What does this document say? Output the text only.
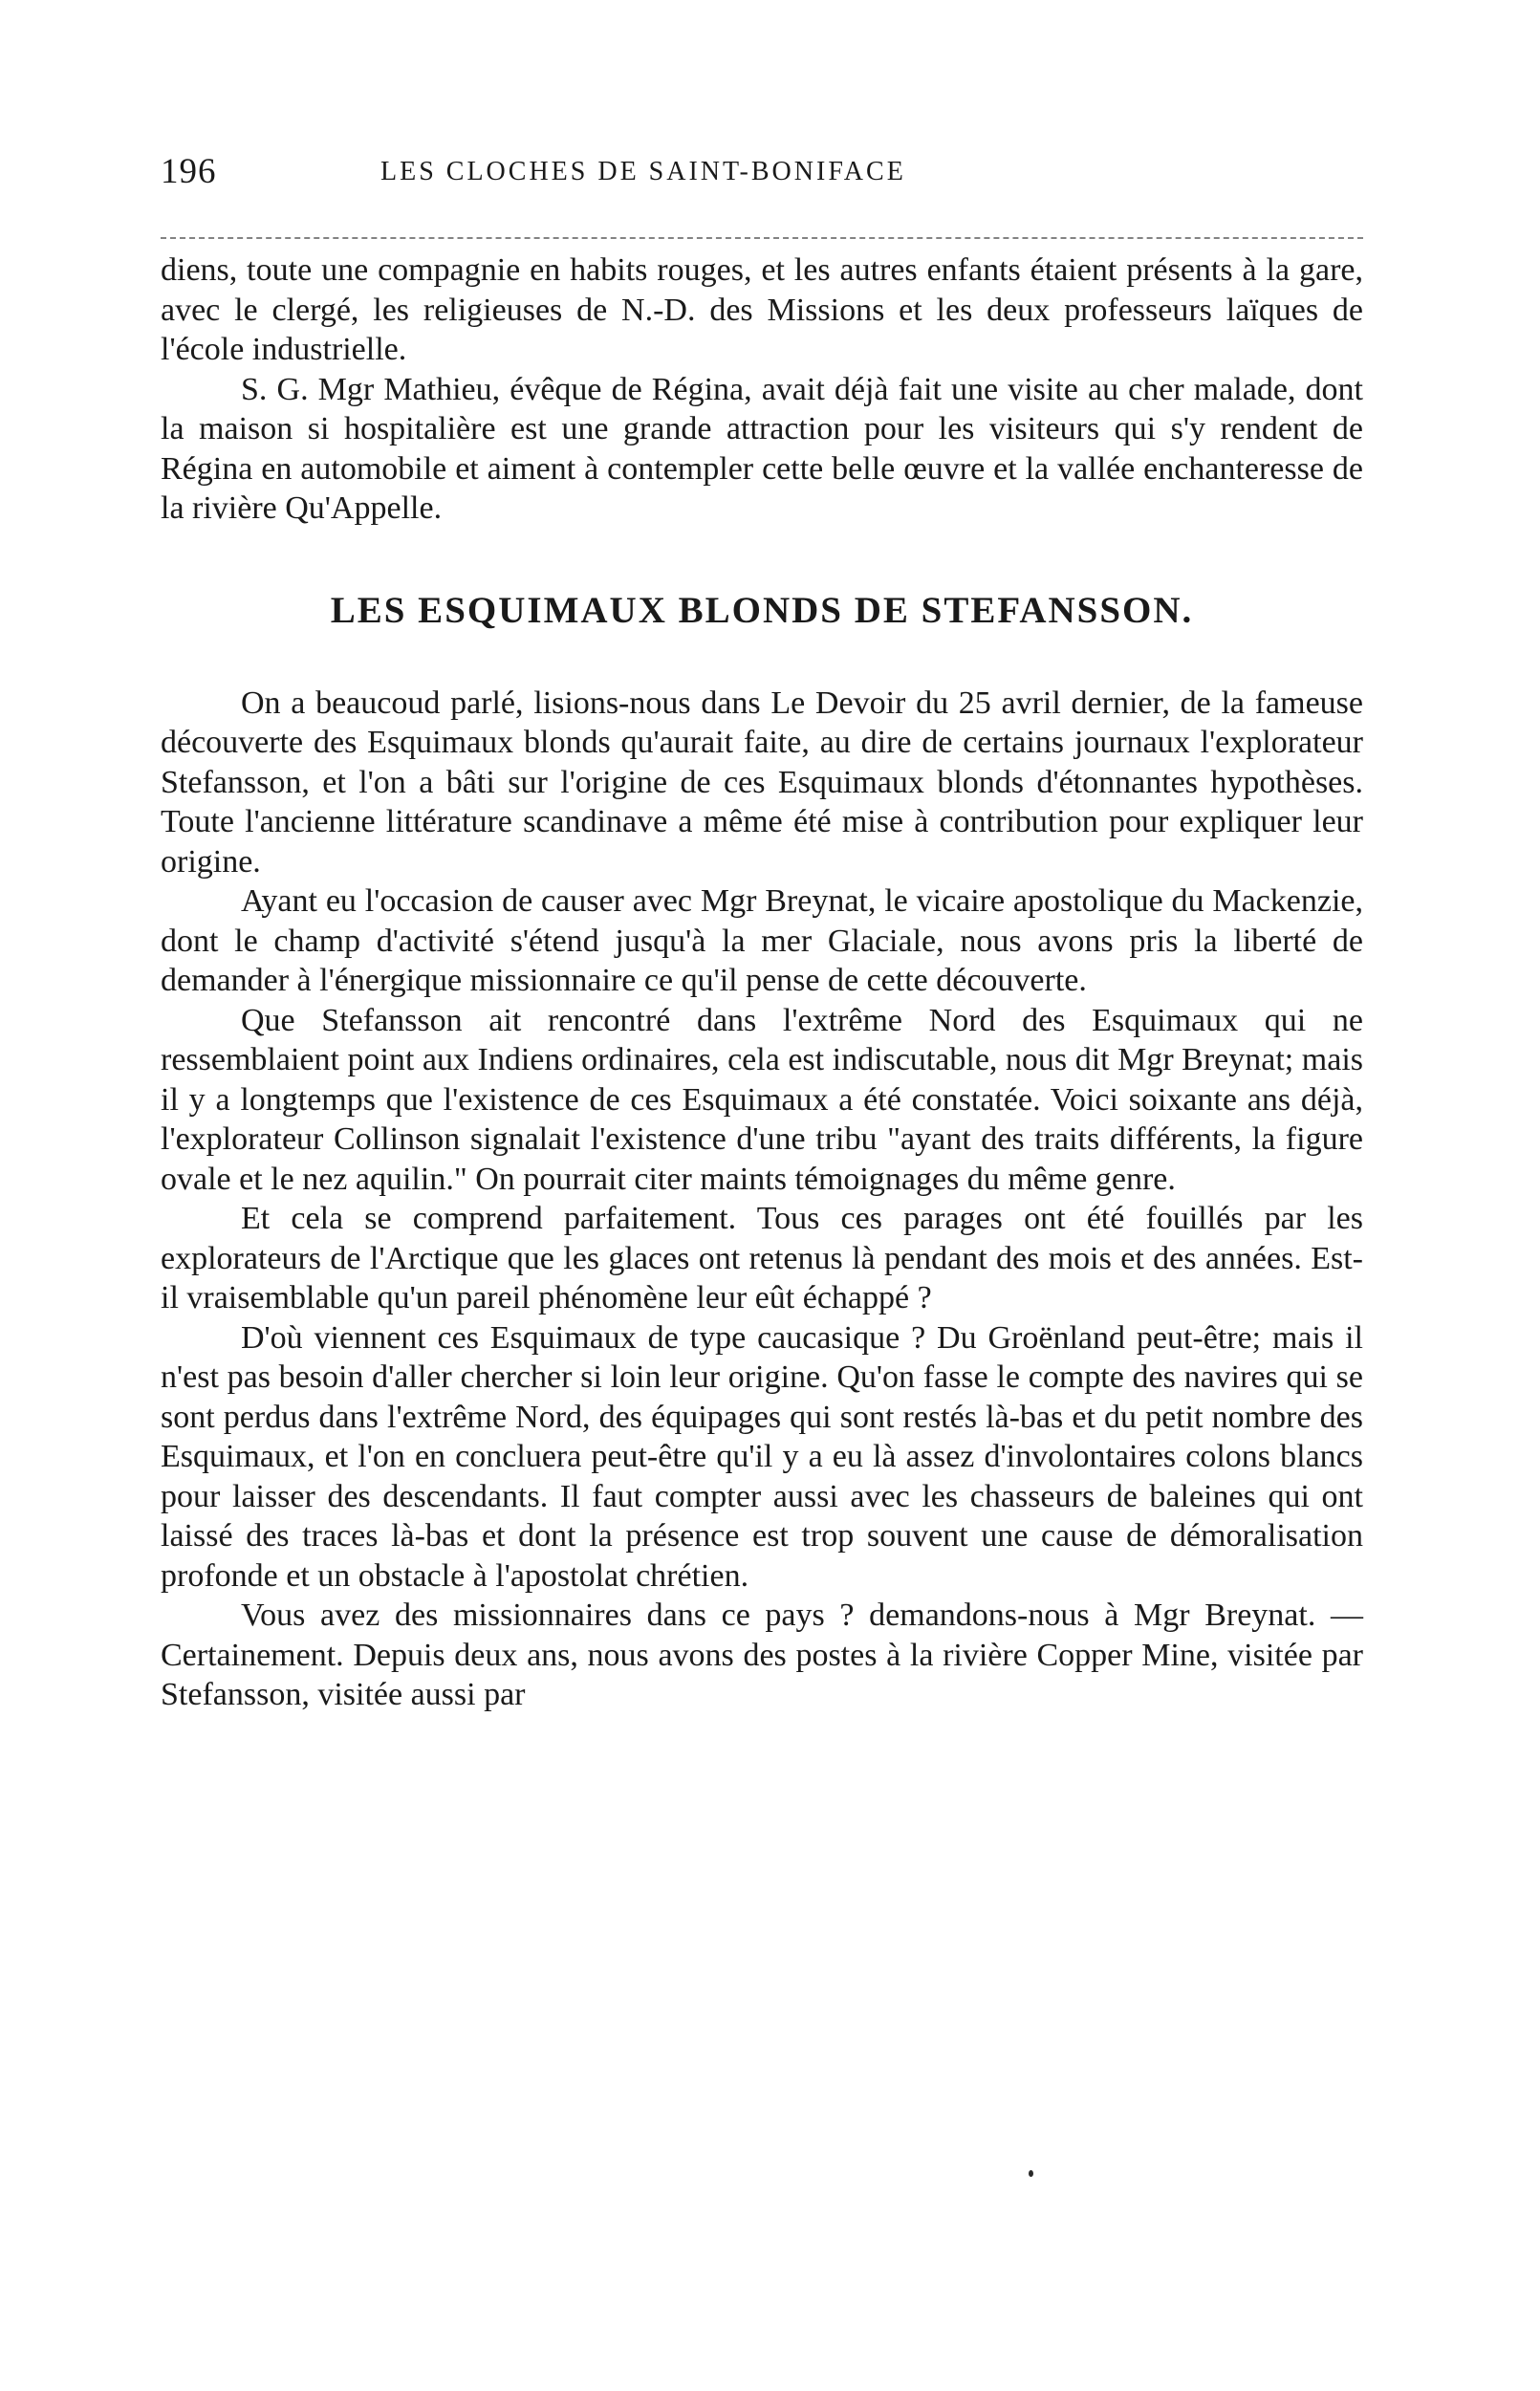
196	LES CLOCHES DE SAINT-BONIFACE

diens, toute une compagnie en habits rouges, et les autres enfants étaient présents à la gare, avec le clergé, les religieuses de N.-D. des Missions et les deux professeurs laïques de l'école industrielle.

S. G. Mgr Mathieu, évêque de Régina, avait déjà fait une visite au cher malade, dont la maison si hospitalière est une grande attraction pour les visiteurs qui s'y rendent de Régina en automobile et aiment à contempler cette belle œuvre et la vallée enchanteresse de la rivière Qu'Appelle.

LES ESQUIMAUX BLONDS DE STEFANSSON.

On a beaucoud parlé, lisions-nous dans Le Devoir du 25 avril dernier, de la fameuse découverte des Esquimaux blonds qu'aurait faite, au dire de certains journaux l'explorateur Stefansson, et l'on a bâti sur l'origine de ces Esquimaux blonds d'étonnantes hypothèses. Toute l'ancienne littérature scandinave a même été mise à contribution pour expliquer leur origine.

Ayant eu l'occasion de causer avec Mgr Breynat, le vicaire apostolique du Mackenzie, dont le champ d'activité s'étend jusqu'à la mer Glaciale, nous avons pris la liberté de demander à l'énergique missionnaire ce qu'il pense de cette découverte.

Que Stefansson ait rencontré dans l'extrême Nord des Esquimaux qui ne ressemblaient point aux Indiens ordinaires, cela est indiscutable, nous dit Mgr Breynat; mais il y a longtemps que l'existence de ces Esquimaux a été constatée. Voici soixante ans déjà, l'explorateur Collinson signalait l'existence d'une tribu "ayant des traits différents, la figure ovale et le nez aquilin." On pourrait citer maints témoignages du même genre.

Et cela se comprend parfaitement. Tous ces parages ont été fouillés par les explorateurs de l'Arctique que les glaces ont retenus là pendant des mois et des années. Est-il vraisemblable qu'un pareil phénomène leur eût échappé ?

D'où viennent ces Esquimaux de type caucasique ? Du Groënland peut-être; mais il n'est pas besoin d'aller chercher si loin leur origine. Qu'on fasse le compte des navires qui se sont perdus dans l'extrême Nord, des équipages qui sont restés là-bas et du petit nombre des Esquimaux, et l'on en concluera peut-être qu'il y a eu là assez d'involontaires colons blancs pour laisser des descendants. Il faut compter aussi avec les chasseurs de baleines qui ont laissé des traces là-bas et dont la présence est trop souvent une cause de démoralisation profonde et un obstacle à l'apostolat chrétien.

Vous avez des missionnaires dans ce pays ? demandons-nous à Mgr Breynat. — Certainement. Depuis deux ans, nous avons des postes à la rivière Copper Mine, visitée par Stefansson, visitée aussi par
